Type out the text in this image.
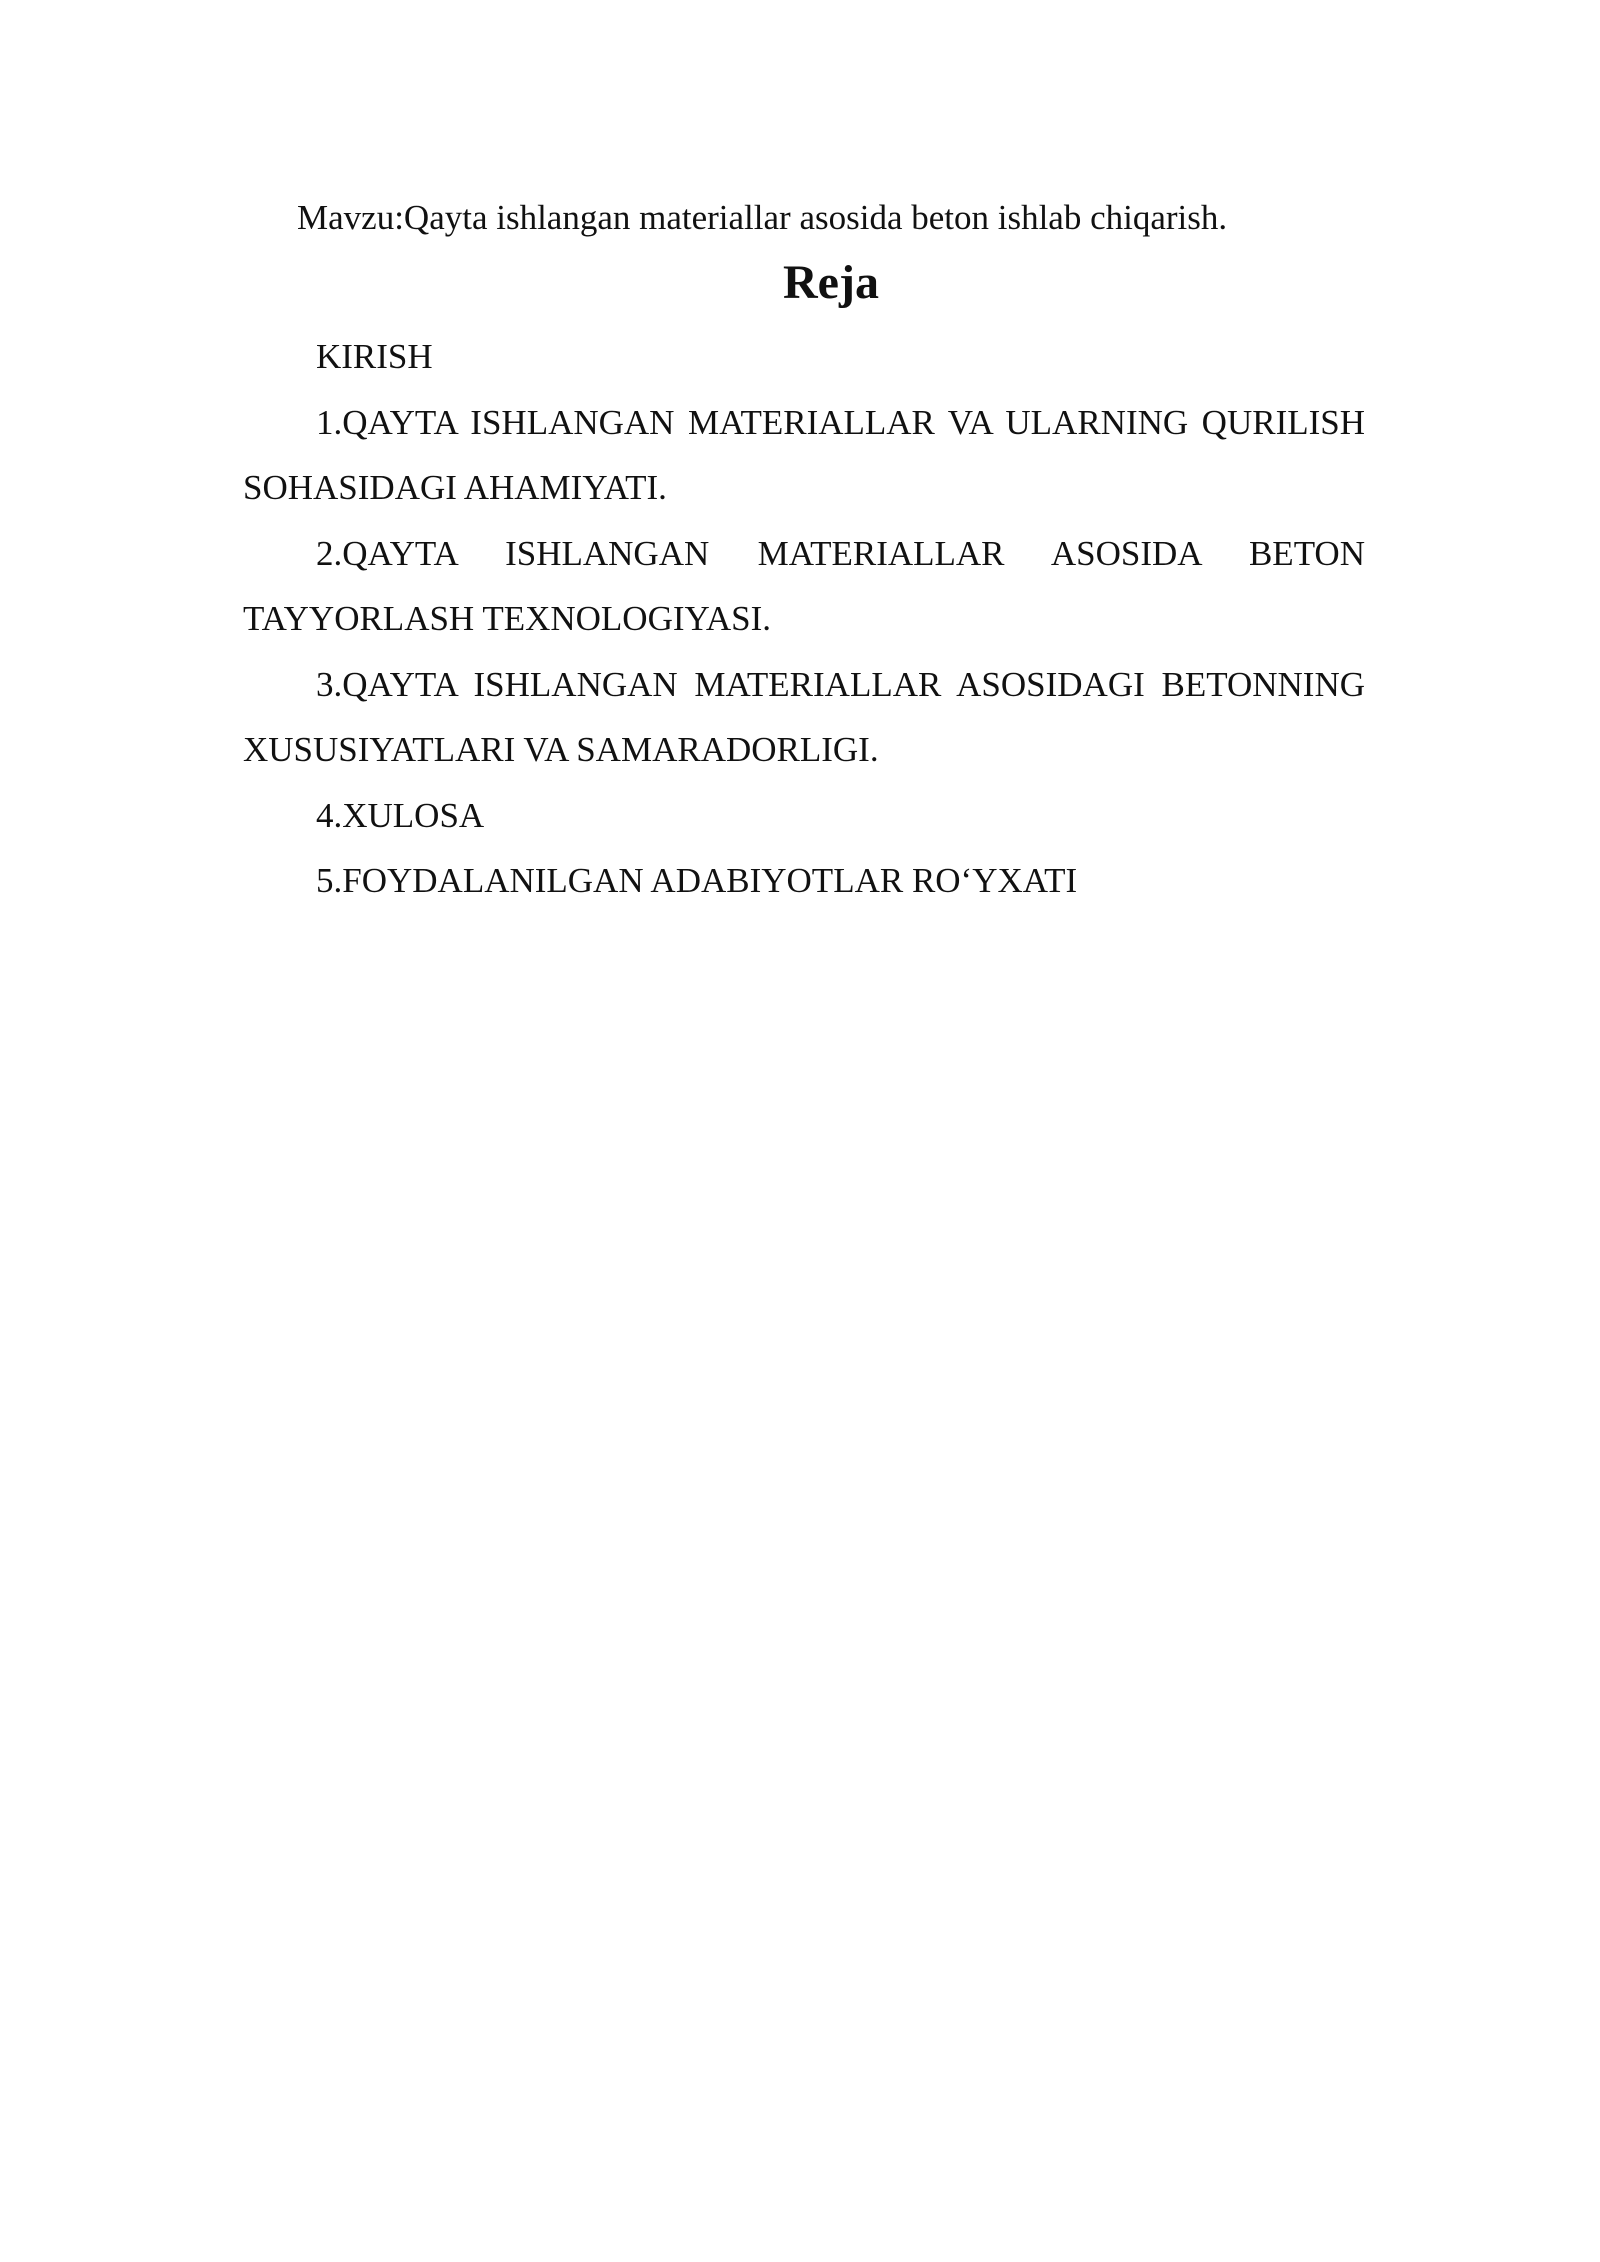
Mavzu:Qayta ishlangan materiallar asosida beton ishlab chiqarish.
Reja

KIRISH

1.QAYTA ISHLANGAN MATERIALLAR VA ULARNING QURILISH SOHASIDAGI AHAMIYATI.

2.QAYTA ISHLANGAN MATERIALLAR ASOSIDA BETON TAYYORLASH TEXNOLOGIYASI.

3.QAYTA ISHLANGAN MATERIALLAR ASOSIDAGI BETONNING XUSUSIYATLARI VA SAMARADORLIGI.

4.XULOSA

5.FOYDALANILGAN ADABIYOTLAR RO‘YXATI
